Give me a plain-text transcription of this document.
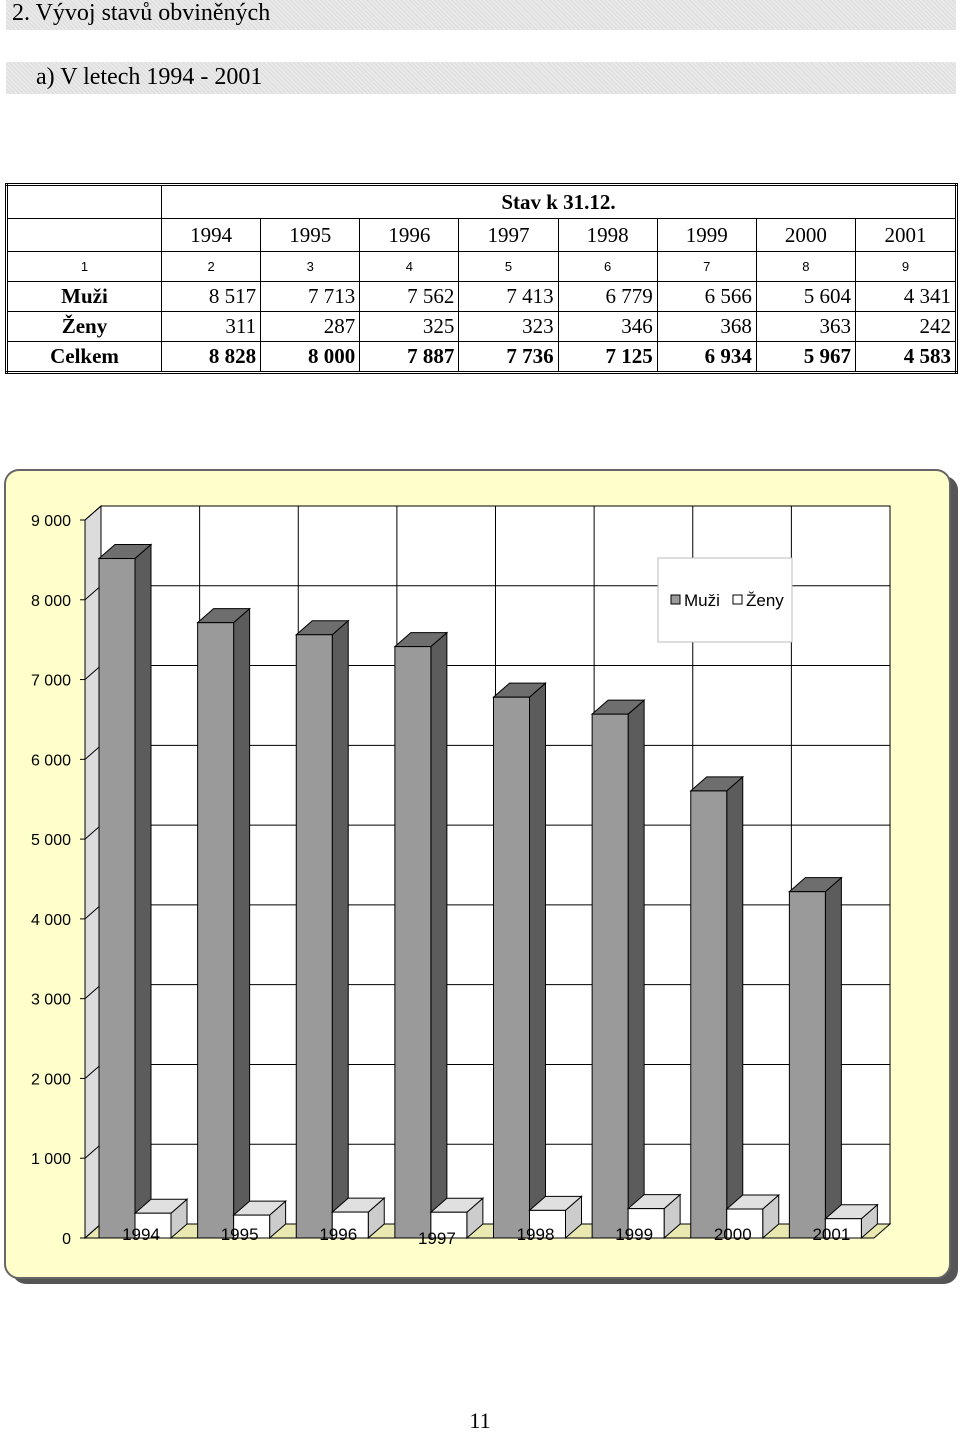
2. Vývoj stavů obviněných
a) V letech 1994 - 2001
	Stav k 31.12.							
	1994	1995	1996	1997	1998	1999	2000	2001
1	2	3	4	5	6	7	8	9
Muži	8 517	7 713	7 562	7 413	6 779	6 566	5 604	4 341
Ženy	311	287	325	323	346	368	363	242
Celkem	8 828	8 000	7 887	7 736	7 125	6 934	5 967	4 583
0
1 000
2 000
3 000
4 000
5 000
6 000
7 000
8 000
9 000
1994	1995	1996	1997	1998	1999	2000	2001
Muži Ženy
11
